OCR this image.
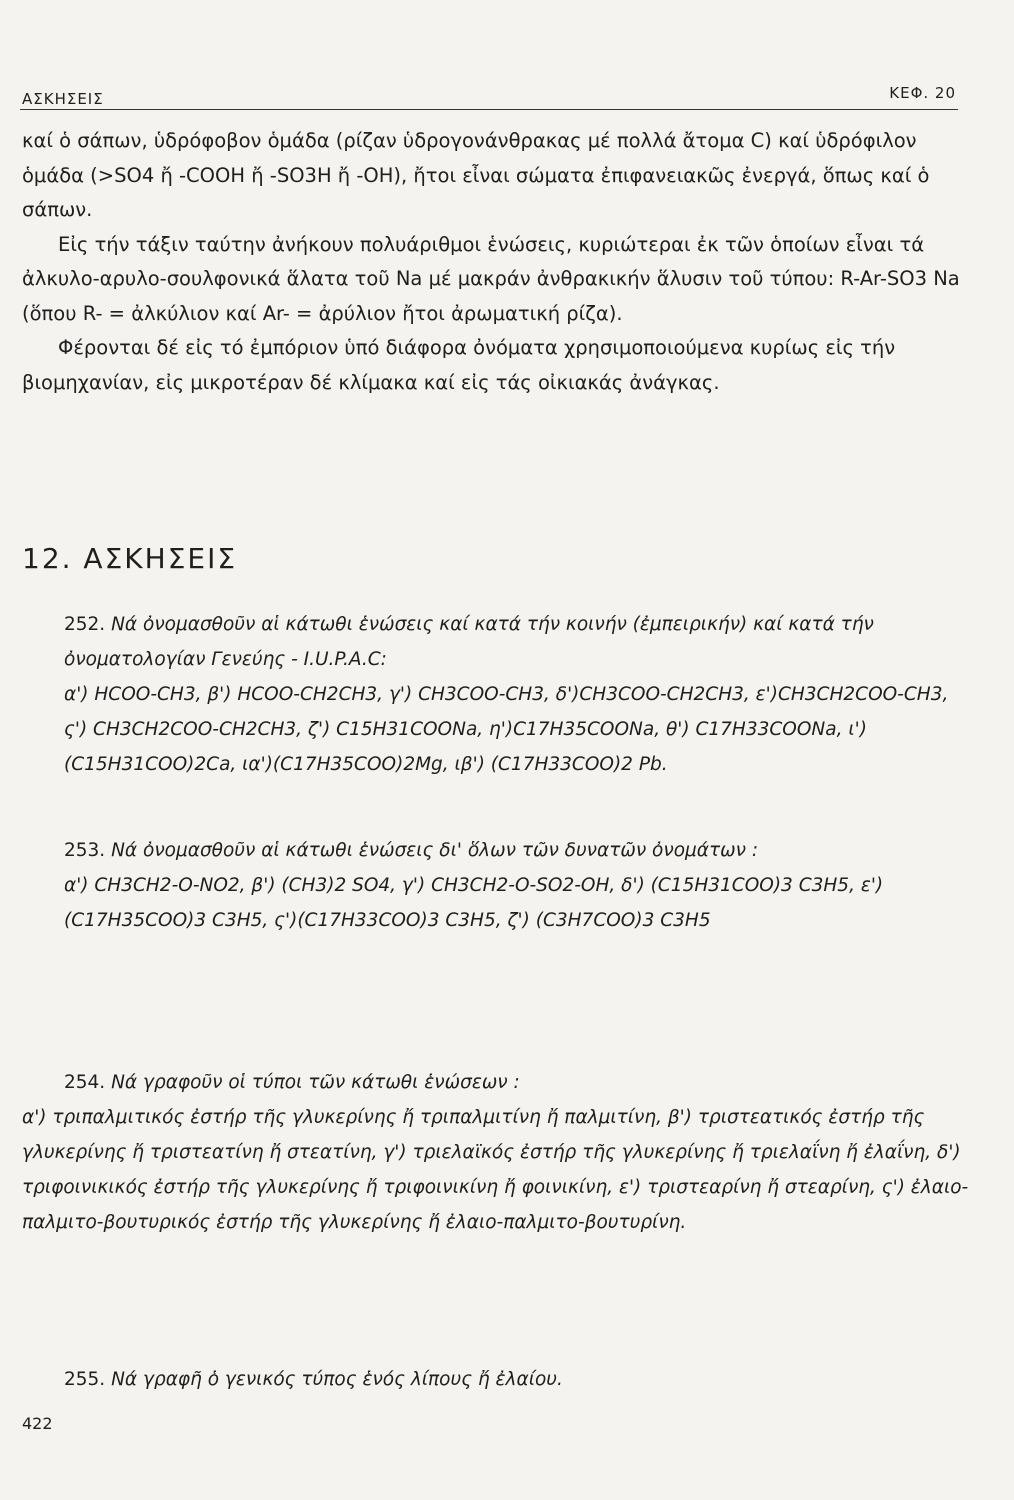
ΑΣΚΗΣΕΙΣ	ΚΕΦ. 20

καί ὁ σάπων, ὑδρόφοβον ὁμάδα (ρίζαν ὑδρογονάνθρακας μέ πολλά ἄτομα C) καί ὑδρόφιλον ὁμάδα (>SO4 ἤ -COOH ἤ -SO3H ἤ -OH), ἤτοι εἶναι σώματα ἐπιφανειακῶς ἐνεργά, ὅπως καί ὁ σάπων.

Εἰς τήν τάξιν ταύτην ἀνήκουν πολυάριθμοι ἑνώσεις, κυριώτεραι ἐκ τῶν ὁποίων εἶναι τά ἀλκυλο-αρυλο-σουλφονικά ἅλατα τοῦ Na μέ μακράν ἀνθρακικήν ἅλυσιν τοῦ τύπου: R-Ar-SO3 Na (ὅπου R- = ἀλκύλιον καί Ar- = ἀρύλιον ἤτοι ἀρωματική ρίζα).

Φέρονται δέ εἰς τό ἐμπόριον ὑπό διάφορα ὀνόματα χρησιμοποιούμενα κυρίως εἰς τήν βιομηχανίαν, εἰς μικροτέραν δέ κλίμακα καί εἰς τάς οἰκιακάς ἀνάγκας.

12. ΑΣΚΗΣΕΙΣ

252. Νά ὀνομασθοῦν αἱ κάτωθι ἑνώσεις καί κατά τήν κοινήν (ἐμπειρικήν) καί κατά τήν ὀνοματολογίαν Γενεύης - I.U.P.A.C:

α') HCOO-CH3, β') HCOO-CH2CH3, γ') CH3COO-CH3, δ')CH3COO-CH2CH3, ε')CH3CH2COO-CH3, ς') CH3CH2COO-CH2CH3, ζ') C15H31COONa, η')C17H35COONa, θ') C17H33COONa, ι') (C15H31COO)2Ca, ια')(C17H35COO)2Mg, ιβ') (C17H33COO)2 Pb.

253. Νά ὀνομασθοῦν αἱ κάτωθι ἑνώσεις δι' ὅλων τῶν δυνατῶν ὀνομάτων :

α') CH3CH2-O-NO2, β') (CH3)2 SO4, γ') CH3CH2-O-SO2-OH, δ') (C15H31COO)3 C3H5, ε') (C17H35COO)3 C3H5, ς')(C17H33COO)3 C3H5, ζ') (C3H7COO)3 C3H5

254. Νά γραφοῦν οἱ τύποι τῶν κάτωθι ἑνώσεων :

α') τριπαλμιτικός ἐστήρ τῆς γλυκερίνης ἤ τριπαλμιτίνη ἤ παλμιτίνη, β') τριστεατικός ἐστήρ τῆς γλυκερίνης ἤ τριστεατίνη ἤ στεατίνη, γ') τριελαϊκός ἐστήρ τῆς γλυκερίνης ἤ τριελαΐνη ἤ ἐλαΐνη, δ') τριφοινικικός ἐστήρ τῆς γλυκερίνης ἤ τριφοινικίνη ἤ φοινικίνη, ε') τριστεαρίνη ἤ στεαρίνη, ς') ἐλαιο-παλμιτο-βουτυρικός ἐστήρ τῆς γλυκερίνης ἤ ἐλαιο-παλμιτο-βουτυρίνη.

255. Νά γραφῆ ὁ γενικός τύπος ἑνός λίπους ἤ ἐλαίου.

422
